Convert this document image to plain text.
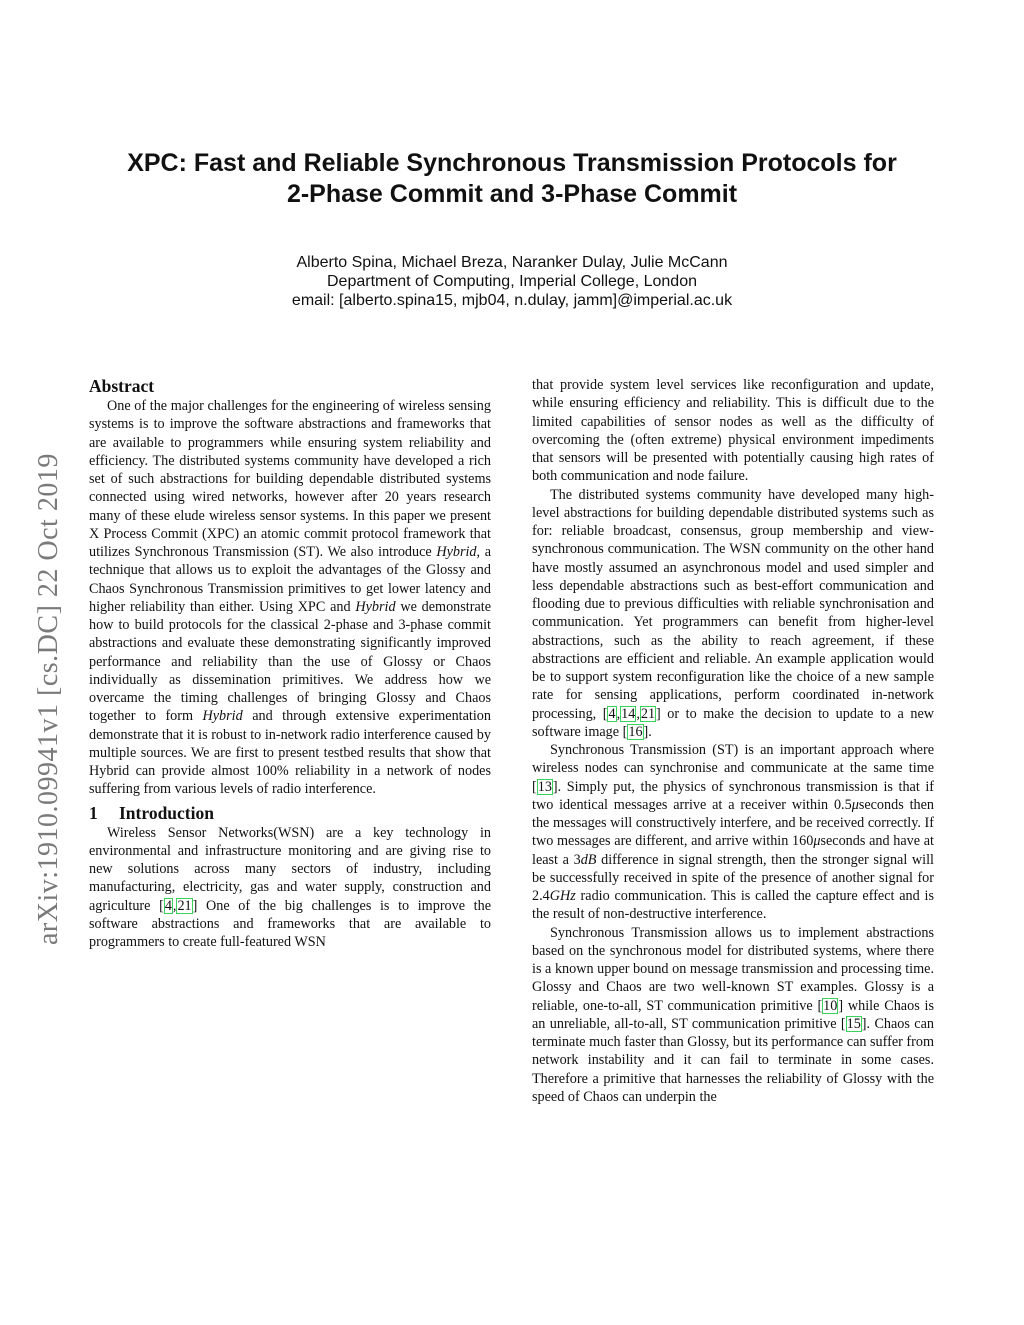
XPC: Fast and Reliable Synchronous Transmission Protocols for
2-Phase Commit and 3-Phase Commit
Alberto Spina, Michael Breza, Naranker Dulay, Julie McCann
Department of Computing, Imperial College, London
email: [alberto.spina15, mjb04, n.dulay, jamm]@imperial.ac.uk
arXiv:1910.09941v1 [cs.DC] 22 Oct 2019
Abstract

One of the major challenges for the engineering of wireless sensing systems is to improve the software abstractions and frameworks that are available to programmers while ensuring system reliability and efficiency. The distributed systems community have developed a rich set of such abstractions for building dependable distributed systems connected using wired networks, however after 20 years research many of these elude wireless sensor systems. In this paper we present X Process Commit (XPC) an atomic commit protocol framework that utilizes Synchronous Transmission (ST). We also introduce Hybrid, a technique that allows us to exploit the advantages of the Glossy and Chaos Synchronous Transmission primitives to get lower latency and higher reliability than either. Using XPC and Hybrid we demonstrate how to build protocols for the classical 2-phase and 3-phase commit abstractions and evaluate these demonstrating significantly improved performance and reliability than the use of Glossy or Chaos individually as dissemination primitives. We address how we overcame the timing challenges of bringing Glossy and Chaos together to form Hybrid and through extensive experimentation demonstrate that it is robust to in-network radio interference caused by multiple sources. We are first to present testbed results that show that Hybrid can provide almost 100% reliability in a network of nodes suffering from various levels of radio interference.

1 Introduction

Wireless Sensor Networks(WSN) are a key technology in environmental and infrastructure monitoring and are giving rise to new solutions across many sectors of industry, including manufacturing, electricity, gas and water supply, construction and agriculture [4,21] One of the big challenges is to improve the software abstractions and frameworks that are available to programmers to create full-featured WSN

that provide system level services like reconfiguration and update, while ensuring efficiency and reliability. This is difficult due to the limited capabilities of sensor nodes as well as the difficulty of overcoming the (often extreme) physical environment impediments that sensors will be presented with potentially causing high rates of both communication and node failure.

The distributed systems community have developed many high-level abstractions for building dependable distributed systems such as for: reliable broadcast, consensus, group membership and view-synchronous communication. The WSN community on the other hand have mostly assumed an asynchronous model and used simpler and less dependable abstractions such as best-effort communication and flooding due to previous difficulties with reliable synchronisation and communication. Yet programmers can benefit from higher-level abstractions, such as the ability to reach agreement, if these abstractions are efficient and reliable. An example application would be to support system reconfiguration like the choice of a new sample rate for sensing applications, perform coordinated in-network processing, [4,14,21] or to make the decision to update to a new software image [16].

Synchronous Transmission (ST) is an important approach where wireless nodes can synchronise and communicate at the same time [13]. Simply put, the physics of synchronous transmission is that if two identical messages arrive at a receiver within 0.5μseconds then the messages will constructively interfere, and be received correctly. If two messages are different, and arrive within 160μseconds and have at least a 3dB difference in signal strength, then the stronger signal will be successfully received in spite of the presence of another signal for 2.4GHz radio communication. This is called the capture effect and is the result of non-destructive interference.

Synchronous Transmission allows us to implement abstractions based on the synchronous model for distributed systems, where there is a known upper bound on message transmission and processing time. Glossy and Chaos are two well-known ST examples. Glossy is a reliable, one-to-all, ST communication primitive [10] while Chaos is an unreliable, all-to-all, ST communication primitive [15]. Chaos can terminate much faster than Glossy, but its performance can suffer from network instability and it can fail to terminate in some cases. Therefore a primitive that harnesses the reliability of Glossy with the speed of Chaos can underpin the
